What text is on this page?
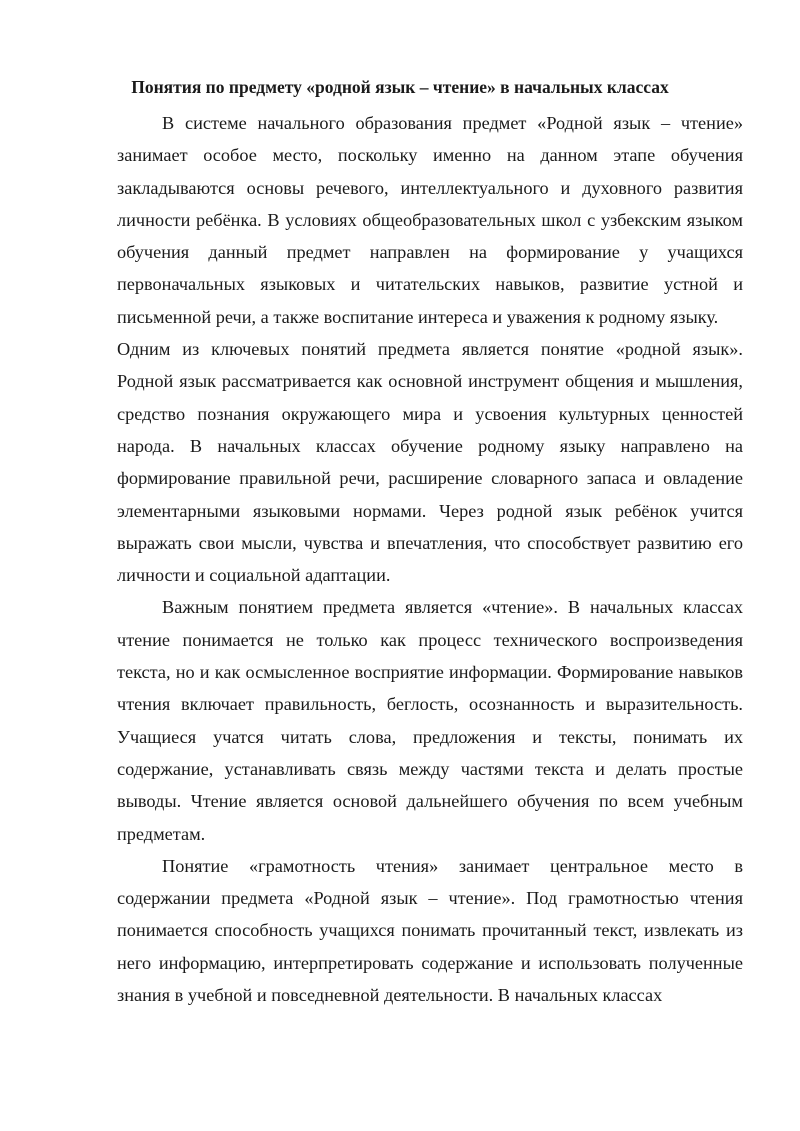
Понятия по предмету «родной язык – чтение» в начальных классах

В системе начального образования предмет «Родной язык – чтение» занимает особое место, поскольку именно на данном этапе обучения закладываются основы речевого, интеллектуального и духовного развития личности ребёнка. В условиях общеобразовательных школ с узбекским языком обучения данный предмет направлен на формирование у учащихся первоначальных языковых и читательских навыков, развитие устной и письменной речи, а также воспитание интереса и уважения к родному языку.

Одним из ключевых понятий предмета является понятие «родной язык». Родной язык рассматривается как основной инструмент общения и мышления, средство познания окружающего мира и усвоения культурных ценностей народа. В начальных классах обучение родному языку направлено на формирование правильной речи, расширение словарного запаса и овладение элементарными языковыми нормами. Через родной язык ребёнок учится выражать свои мысли, чувства и впечатления, что способствует развитию его личности и социальной адаптации.

Важным понятием предмета является «чтение». В начальных классах чтение понимается не только как процесс технического воспроизведения текста, но и как осмысленное восприятие информации. Формирование навыков чтения включает правильность, беглость, осознанность и выразительность. Учащиеся учатся читать слова, предложения и тексты, понимать их содержание, устанавливать связь между частями текста и делать простые выводы. Чтение является основой дальнейшего обучения по всем учебным предметам.

Понятие «грамотность чтения» занимает центральное место в содержании предмета «Родной язык – чтение». Под грамотностью чтения понимается способность учащихся понимать прочитанный текст, извлекать из него информацию, интерпретировать содержание и использовать полученные знания в учебной и повседневной деятельности. В начальных классах
